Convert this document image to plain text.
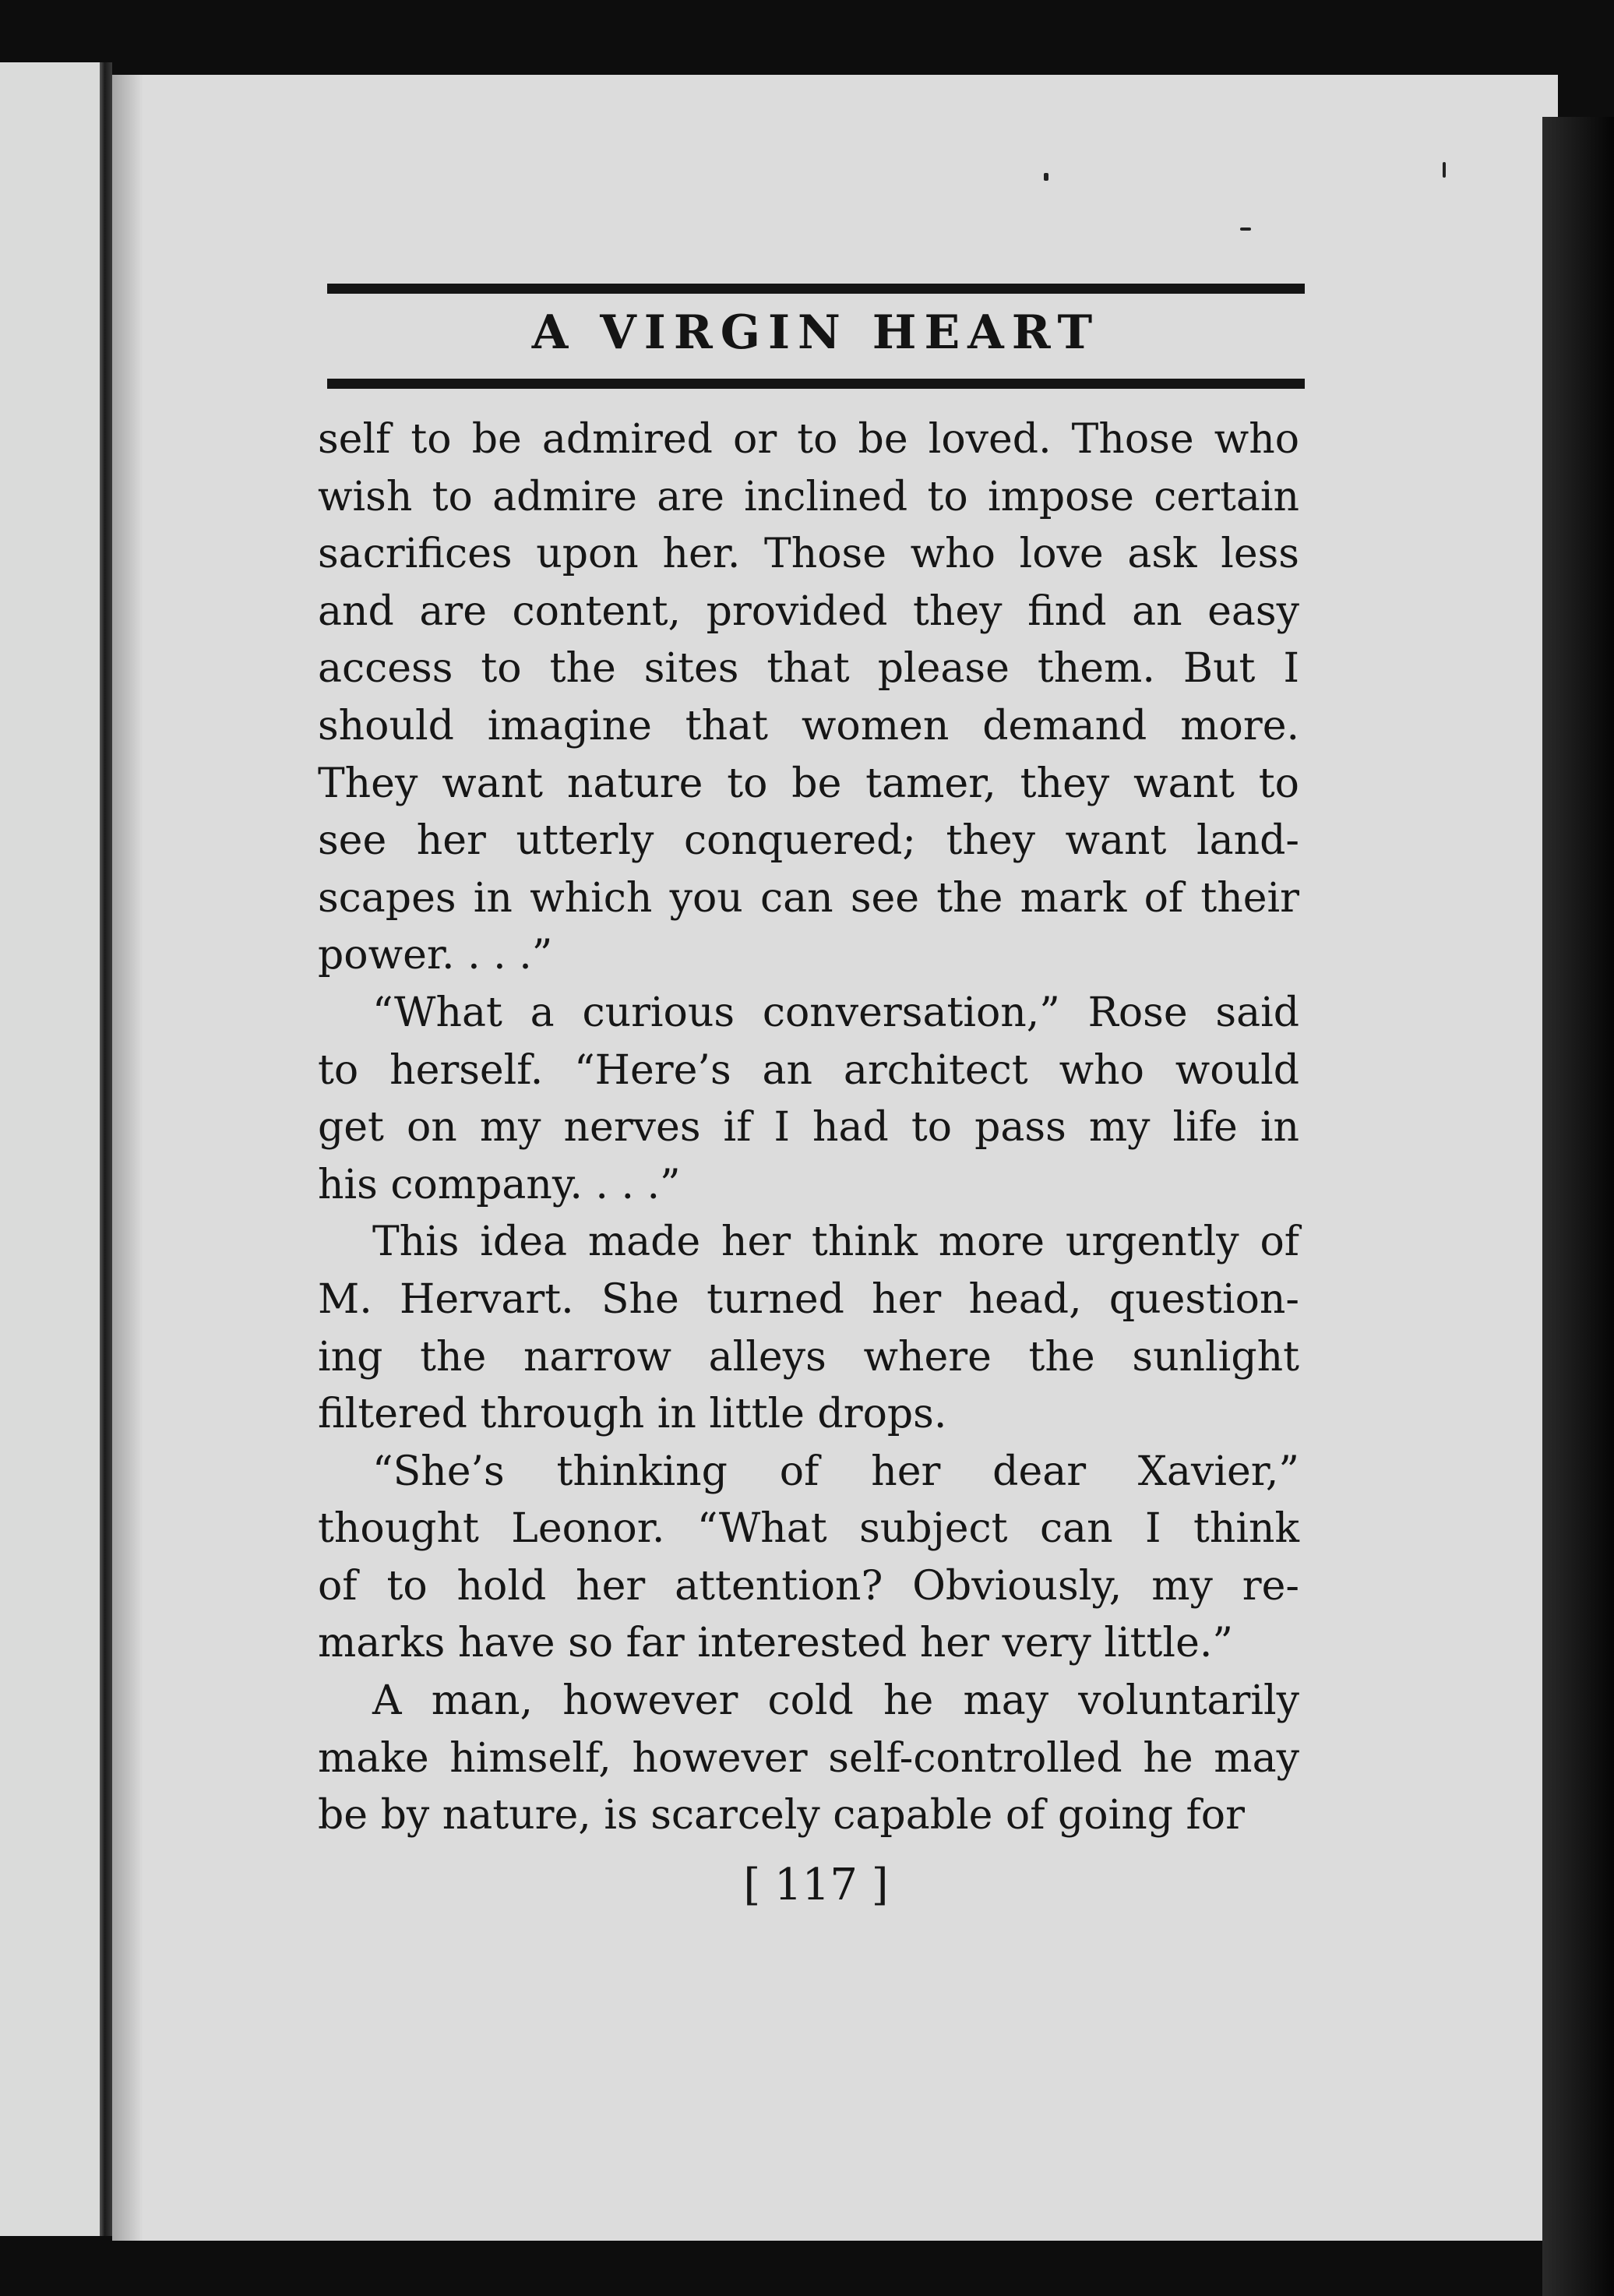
A VIRGIN HEART

self to be admired or to be loved. Those who

wish to admire are inclined to impose certain

sacrifices upon her. Those who love ask less

and are content, provided they find an easy

access to the sites that please them. But I

should imagine that women demand more.

They want nature to be tamer, they want to

see her utterly conquered; they want land-

scapes in which you can see the mark of their

power. . . .”

“What a curious conversation,” Rose said

to herself. “Here’s an architect who would

get on my nerves if I had to pass my life in

his company. . . .”

This idea made her think more urgently of

M. Hervart. She turned her head, question-

ing the narrow alleys where the sunlight

filtered through in little drops.

“She’s thinking of her dear Xavier,”

thought Leonor. “What subject can I think

of to hold her attention? Obviously, my re-

marks have so far interested her very little.”

A man, however cold he may voluntarily

make himself, however self-controlled he may

be by nature, is scarcely capable of going for

[ 117 ]
